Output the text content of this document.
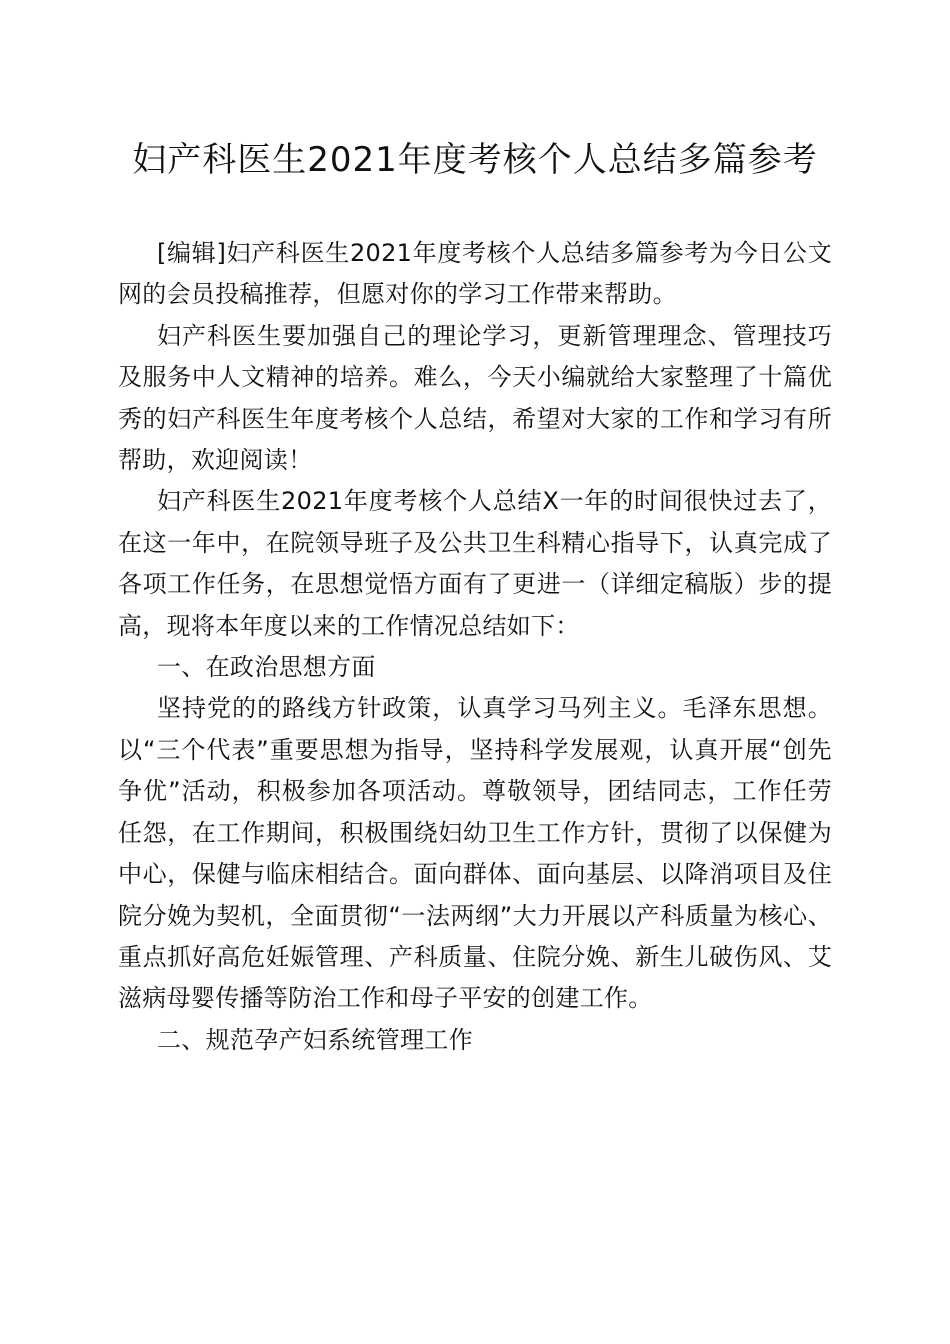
妇产科医生2021年度考核个人总结多篇参考

[编辑]妇产科医生2021年度考核个人总结多篇参考为今日公文网的会员投稿推荐，但愿对你的学习工作带来帮助。

妇产科医生要加强自己的理论学习，更新管理理念、管理技巧及服务中人文精神的培养。难么，今天小编就给大家整理了十篇优秀的妇产科医生年度考核个人总结，希望对大家的工作和学习有所帮助，欢迎阅读！

妇产科医生2021年度考核个人总结X一年的时间很快过去了，在这一年中，在院领导班子及公共卫生科精心指导下，认真完成了各项工作任务，在思想觉悟方面有了更进一（详细定稿版）步的提高，现将本年度以来的工作情况总结如下：

一、在政治思想方面

坚持党的的路线方针政策，认真学习马列主义。毛泽东思想。以“三个代表”重要思想为指导，坚持科学发展观，认真开展“创先争优”活动，积极参加各项活动。尊敬领导，团结同志，工作任劳任怨，在工作期间，积极围绕妇幼卫生工作方针，贯彻了以保健为中心，保健与临床相结合。面向群体、面向基层、以降消项目及住院分娩为契机，全面贯彻“一法两纲”大力开展以产科质量为核心、重点抓好高危妊娠管理、产科质量、住院分娩、新生儿破伤风、艾滋病母婴传播等防治工作和母子平安的创建工作。

二、规范孕产妇系统管理工作
